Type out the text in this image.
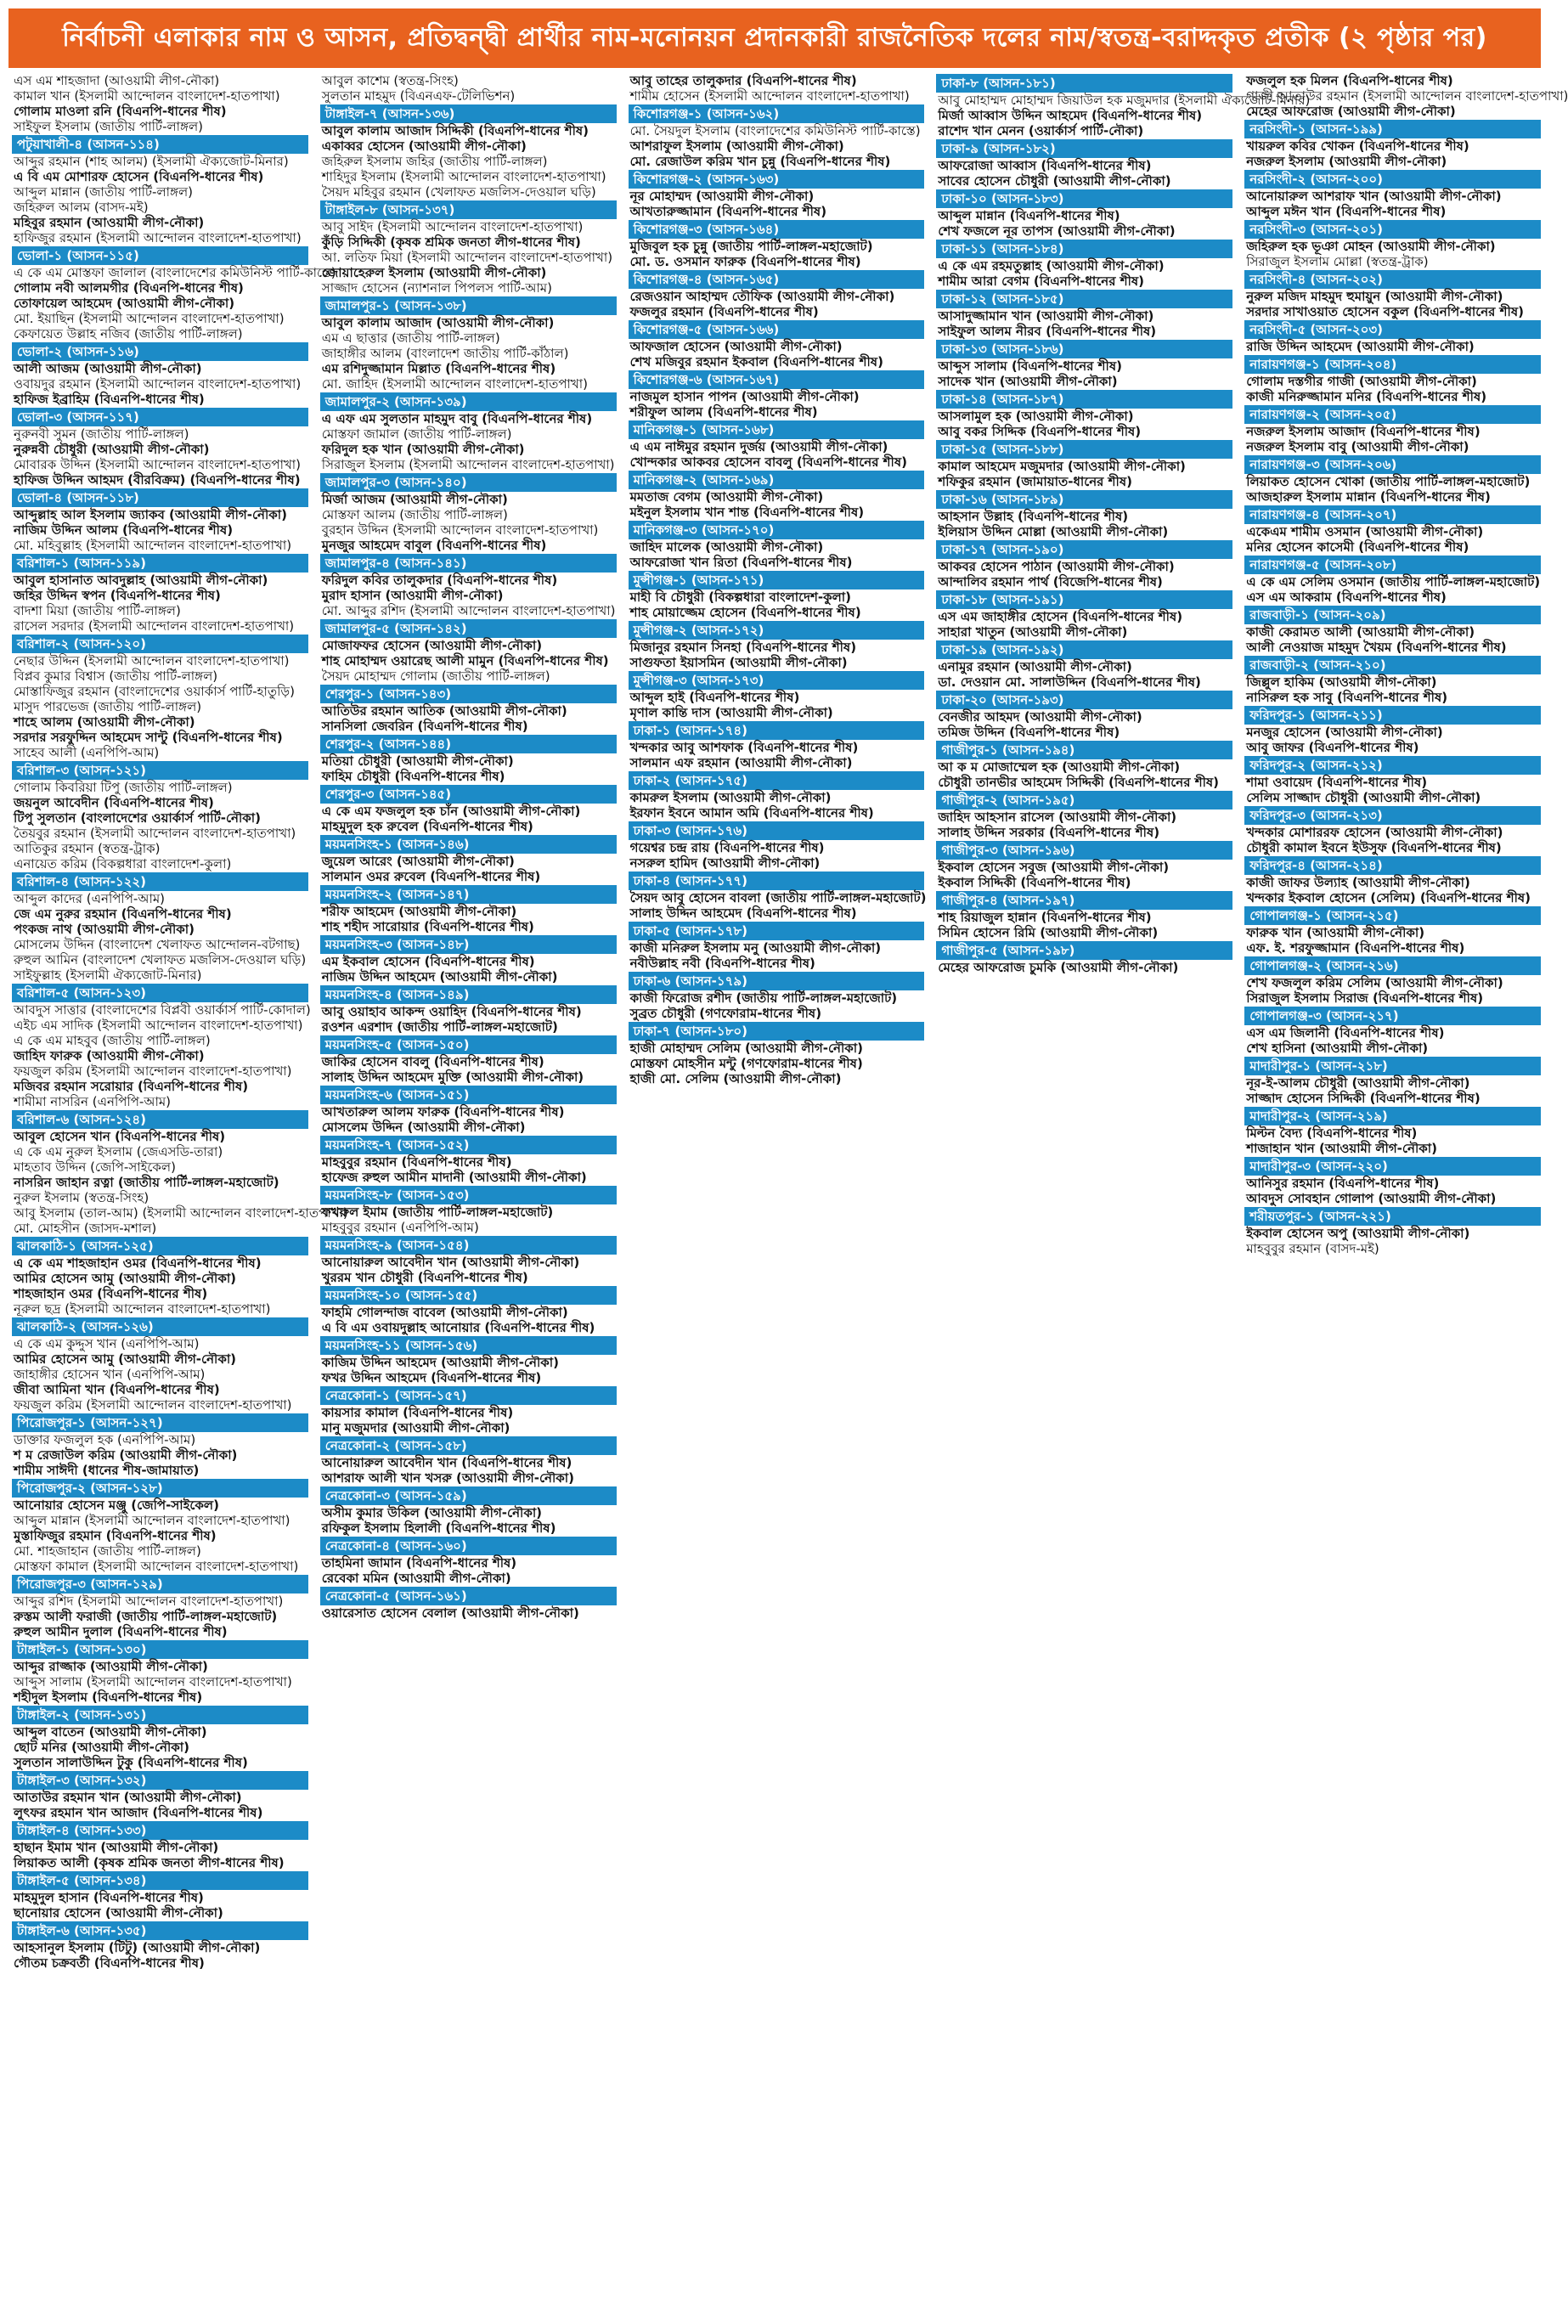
নির্বাচনী এলাকার নাম ও আসন, প্রতিদ্বন্দ্বী প্রার্থীর নাম-মনোনয়ন প্রদানকারী রাজনৈতিক দলের নাম/স্বতন্ত্র-বরাদ্দকৃত প্রতীক (২ পৃষ্ঠার পর)
এস এম শাহজাদা (আওয়ামী লীগ-নৌকা)
কামাল খান (ইসলামী আন্দোলন বাংলাদেশ-হাতপাখা)
গোলাম মাওলা রনি (বিএনপি-ধানের শীষ)
সাইফুল ইসলাম (জাতীয় পার্টি-লাঙ্গল)
পটুয়াখালী-৪ (আসন-১১৪)
আব্দুর রহমান (শাহ আলম) (ইসলামী ঐক্যজোট-মিনার)
এ বি এম মোশারফ হোসেন (বিএনপি-ধানের শীষ)
আব্দুল মান্নান (জাতীয় পার্টি-লাঙ্গল)
জহিরুল আলম (বাসদ-মই)
মহিবুর রহমান (আওয়ামী লীগ-নৌকা)
হাফিজুর রহমান (ইসলামী আন্দোলন বাংলাদেশ-হাতপাখা)
ভোলা-১ (আসন-১১৫)
এ কে এম মোস্তফা জালাল (বাংলাদেশের কমিউনিস্ট পার্টি-কাস্তে)
গোলাম নবী আলমগীর (বিএনপি-ধানের শীষ)
তোফায়েল আহমেদ (আওয়ামী লীগ-নৌকা)
মো. ইয়াছিন (ইসলামী আন্দোলন বাংলাদেশ-হাতপাখা)
কেফায়েত উল্লাহ নজিব (জাতীয় পার্টি-লাঙ্গল)
ভোলা-২ (আসন-১১৬)
আলী আজম (আওয়ামী লীগ-নৌকা)
ওবায়দুর রহমান (ইসলামী আন্দোলন বাংলাদেশ-হাতপাখা)
হাফিজ ইব্রাহিম (বিএনপি-ধানের শীষ)
ভোলা-৩ (আসন-১১৭)
নুরুনবী সুমন (জাতীয় পার্টি-লাঙ্গল)
নুরুন্নবী চৌধুরী (আওয়ামী লীগ-নৌকা)
মোবারক উদ্দিন (ইসলামী আন্দোলন বাংলাদেশ-হাতপাখা)
হাফিজ উদ্দিন আহমদ (বীরবিক্রম) (বিএনপি-ধানের শীষ)
ভোলা-৪ (আসন-১১৮)
আব্দুল্লাহ আল ইসলাম জ্যাকব (আওয়ামী লীগ-নৌকা)
নাজিম উদ্দিন আলম (বিএনপি-ধানের শীষ)
মো. মহিবুল্লাহ (ইসলামী আন্দোলন বাংলাদেশ-হাতপাখা)
বরিশাল-১ (আসন-১১৯)
আবুল হাসানাত আবদুল্লাহ (আওয়ামী লীগ-নৌকা)
জহির উদ্দিন স্বপন (বিএনপি-ধানের শীষ)
বাদশা মিয়া (জাতীয় পার্টি-লাঙ্গল)
রাসেল সরদার (ইসলামী আন্দোলন বাংলাদেশ-হাতপাখা)
বরিশাল-২ (আসন-১২০)
নেছার উদ্দিন (ইসলামী আন্দোলন বাংলাদেশ-হাতপাখা)
বিপ্লব কুমার বিশ্বাস (জাতীয় পার্টি-লাঙ্গল)
মোস্তাফিজুর রহমান (বাংলাদেশের ওয়ার্কার্স পার্টি-হাতুড়ি)
মাসুদ পারভেজ (জাতীয় পার্টি-লাঙ্গল)
শাহে আলম (আওয়ামী লীগ-নৌকা)
সরদার সরফুদ্দিন আহমেদ সান্টু (বিএনপি-ধানের শীষ)
সাহেব আলী (এনপিপি-আম)
বরিশাল-৩ (আসন-১২১)
গোলাম কিবরিয়া টিপু (জাতীয় পার্টি-লাঙ্গল)
জয়নুল আবেদীন (বিএনপি-ধানের শীষ)
টিপু সুলতান (বাংলাদেশের ওয়ার্কার্স পার্টি-নৌকা)
তৈয়বুর রহমান (ইসলামী আন্দোলন বাংলাদেশ-হাতপাখা)
আতিকুর রহমান (স্বতন্ত্র-ট্রাক)
এনায়েত করিম (বিকল্পধারা বাংলাদেশ-কুলা)
বরিশাল-৪ (আসন-১২২)
আব্দুল কাদের (এনপিপি-আম)
জে এম নুরুর রহমান (বিএনপি-ধানের শীষ)
পংকজ নাথ (আওয়ামী লীগ-নৌকা)
মোসলেম উদ্দিন (বাংলাদেশ খেলাফত আন্দোলন-বটগাছ)
রুহুল আমিন (বাংলাদেশ খেলাফত মজলিস-দেওয়াল ঘড়ি)
সাইফুল্লাহ (ইসলামী ঐক্যজোট-মিনার)
বরিশাল-৫ (আসন-১২৩)
আবদুস সাত্তার (বাংলাদেশের বিপ্লবী ওয়ার্কার্স পার্টি-কোদাল)
এইচ এম সাদিক (ইসলামী আন্দোলন বাংলাদেশ-হাতপাখা)
এ কে এম মাহবুব (জাতীয় পার্টি-লাঙ্গল)
জাহিদ ফারুক (আওয়ামী লীগ-নৌকা)
ফয়জুল করিম (ইসলামী আন্দোলন বাংলাদেশ-হাতপাখা)
মজিবর রহমান সরোয়ার (বিএনপি-ধানের শীষ)
শামীমা নাসরিন (এনপিপি-আম)
বরিশাল-৬ (আসন-১২৪)
আবুল হোসেন খান (বিএনপি-ধানের শীষ)
এ কে এম নুরুল ইসলাম (জেএসডি-তারা)
মাহতাব উদ্দিন (জেপি-সাইকেল)
নাসরিন জাহান রত্না (জাতীয় পার্টি-লাঙ্গল-মহাজোট)
নুরুল ইসলাম (স্বতন্ত্র-সিংহ)
আবু ইসলাম (তাল-আম) (ইসলামী আন্দোলন বাংলাদেশ-হাতপাখা)
মো. মোহসীন (জাসদ-মশাল)
ঝালকাঠি-১ (আসন-১২৫)
এ কে এম শাহজাহান ওমর (বিএনপি-ধানের শীষ)
আমির হোসেন আমু (আওয়ামী লীগ-নৌকা)
শাহজাহান ওমর (বিএনপি-ধানের শীষ)
নূরুল ছদ্র (ইসলামী আন্দোলন বাংলাদেশ-হাতপাখা)
ঝালকাঠি-২ (আসন-১২৬)
এ কে এম কুদ্দুস খান (এনপিপি-আম)
আমির হোসেন আমু (আওয়ামী লীগ-নৌকা)
জাহাঙ্গীর হোসেন খান (এনপিপি-আম)
জীবা আমিনা খান (বিএনপি-ধানের শীষ)
ফয়জুল করিম (ইসলামী আন্দোলন বাংলাদেশ-হাতপাখা)
পিরোজপুর-১ (আসন-১২৭)
ডাক্তার ফজলুল হক (এনপিপি-আম)
শ ম রেজাউল করিম (আওয়ামী লীগ-নৌকা)
শামীম সাঈদী (ধানের শীষ-জামায়াত)
পিরোজপুর-২ (আসন-১২৮)
আনোয়ার হোসেন মঞ্জু (জেপি-সাইকেল)
আব্দুল মান্নান (ইসলামী আন্দোলন বাংলাদেশ-হাতপাখা)
মুস্তাফিজুর রহমান (বিএনপি-ধানের শীষ)
মো. শাহজাহান (জাতীয় পার্টি-লাঙ্গল)
মোস্তফা কামাল (ইসলামী আন্দোলন বাংলাদেশ-হাতপাখা)
পিরোজপুর-৩ (আসন-১২৯)
আব্দুর রশিদ (ইসলামী আন্দোলন বাংলাদেশ-হাতপাখা)
রুস্তম আলী ফরাজী (জাতীয় পার্টি-লাঙ্গল-মহাজোট)
রুহুল আমীন দুলাল (বিএনপি-ধানের শীষ)
টাঙ্গাইল-১ (আসন-১৩০)
আব্দুর রাজ্জাক (আওয়ামী লীগ-নৌকা)
আব্দুস সালাম (ইসলামী আন্দোলন বাংলাদেশ-হাতপাখা)
শহীদুল ইসলাম (বিএনপি-ধানের শীষ)
টাঙ্গাইল-২ (আসন-১৩১)
আব্দুল বাতেন (আওয়ামী লীগ-নৌকা)
ছোট মনির (আওয়ামী লীগ-নৌকা)
সুলতান সালাউদ্দিন টুকু (বিএনপি-ধানের শীষ)
টাঙ্গাইল-৩ (আসন-১৩২)
আতাউর রহমান খান (আওয়ামী লীগ-নৌকা)
লুৎফর রহমান খান আজাদ (বিএনপি-ধানের শীষ)
টাঙ্গাইল-৪ (আসন-১৩৩)
হাছান ইমাম খান (আওয়ামী লীগ-নৌকা)
লিয়াকত আলী (কৃষক শ্রমিক জনতা লীগ-ধানের শীষ)
টাঙ্গাইল-৫ (আসন-১৩৪)
মাহমুদুল হাসান (বিএনপি-ধানের শীষ)
ছানোয়ার হোসেন (আওয়ামী লীগ-নৌকা)
টাঙ্গাইল-৬ (আসন-১৩৫)
আহসানুল ইসলাম (টিটু) (আওয়ামী লীগ-নৌকা)
গৌতম চক্রবর্তী (বিএনপি-ধানের শীষ)
আবুল কাশেম (স্বতন্ত্র-সিংহ)
সুলতান মাহমুদ (বিএনএফ-টেলিভিশন)
টাঙ্গাইল-৭ (আসন-১৩৬)
আবুল কালাম আজাদ সিদ্দিকী (বিএনপি-ধানের শীষ)
একাব্বর হোসেন (আওয়ামী লীগ-নৌকা)
জহিরুল ইসলাম জহির (জাতীয় পার্টি-লাঙ্গল)
শাহিদুর ইসলাম (ইসলামী আন্দোলন বাংলাদেশ-হাতপাখা)
সৈয়দ মহিবুর রহমান (খেলাফত মজলিস-দেওয়াল ঘড়ি)
টাঙ্গাইল-৮ (আসন-১৩৭)
আবু সাইদ (ইসলামী আন্দোলন বাংলাদেশ-হাতপাখা)
কুঁড়ি সিদ্দিকী (কৃষক শ্রমিক জনতা লীগ-ধানের শীষ)
আ. লতিফ মিয়া (ইসলামী আন্দোলন বাংলাদেশ-হাতপাখা)
জোয়াহেরুল ইসলাম (আওয়ামী লীগ-নৌকা)
সাজ্জাদ হোসেন (ন্যাশনাল পিপলস পার্টি-আম)
জামালপুর-১ (আসন-১৩৮)
আবুল কালাম আজাদ (আওয়ামী লীগ-নৌকা)
এম এ ছাত্তার (জাতীয় পার্টি-লাঙ্গল)
জাহাঙ্গীর আলম (বাংলাদেশ জাতীয় পার্টি-কাঁঠাল)
এম রশিদুজ্জামান মিল্লাত (বিএনপি-ধানের শীষ)
মো. জাহিদ (ইসলামী আন্দোলন বাংলাদেশ-হাতপাখা)
জামালপুর-২ (আসন-১৩৯)
এ এফ এম সুলতান মাহমুদ বাবু (বিএনপি-ধানের শীষ)
মোস্তফা জামাল (জাতীয় পার্টি-লাঙ্গল)
ফরিদুল হক খান (আওয়ামী লীগ-নৌকা)
সিরাজুল ইসলাম (ইসলামী আন্দোলন বাংলাদেশ-হাতপাখা)
জামালপুর-৩ (আসন-১৪০)
মির্জা আজম (আওয়ামী লীগ-নৌকা)
মোস্তফা আলম (জাতীয় পার্টি-লাঙ্গল)
বুরহান উদ্দিন (ইসলামী আন্দোলন বাংলাদেশ-হাতপাখা)
মুনজুর আহমেদ বাবুল (বিএনপি-ধানের শীষ)
জামালপুর-৪ (আসন-১৪১)
ফরিদুল কবির তালুকদার (বিএনপি-ধানের শীষ)
মুরাদ হাসান (আওয়ামী লীগ-নৌকা)
মো. আব্দুর রশিদ (ইসলামী আন্দোলন বাংলাদেশ-হাতপাখা)
জামালপুর-৫ (আসন-১৪২)
মোজাফফর হোসেন (আওয়ামী লীগ-নৌকা)
শাহ মোহাম্মদ ওয়ারেছ আলী মামুন (বিএনপি-ধানের শীষ)
সৈয়দ মোহাম্মদ গোলাম (জাতীয় পার্টি-লাঙ্গল)
শেরপুর-১ (আসন-১৪৩)
আতিউর রহমান আতিক (আওয়ামী লীগ-নৌকা)
সানসিলা জেবরিন (বিএনপি-ধানের শীষ)
শেরপুর-২ (আসন-১৪৪)
মতিয়া চৌধুরী (আওয়ামী লীগ-নৌকা)
ফাহিম চৌধুরী (বিএনপি-ধানের শীষ)
শেরপুর-৩ (আসন-১৪৫)
এ কে এম ফজলুল হক চাঁন (আওয়ামী লীগ-নৌকা)
মাহমুদুল হক রুবেল (বিএনপি-ধানের শীষ)
ময়মনসিংহ-১ (আসন-১৪৬)
জুয়েল আরেং (আওয়ামী লীগ-নৌকা)
সালমান ওমর রুবেল (বিএনপি-ধানের শীষ)
ময়মনসিংহ-২ (আসন-১৪৭)
শরীফ আহমেদ (আওয়ামী লীগ-নৌকা)
শাহ শহীদ সারোয়ার (বিএনপি-ধানের শীষ)
ময়মনসিংহ-৩ (আসন-১৪৮)
এম ইকবাল হোসেন (বিএনপি-ধানের শীষ)
নাজিম উদ্দিন আহমেদ (আওয়ামী লীগ-নৌকা)
ময়মনসিংহ-৪ (আসন-১৪৯)
আবু ওয়াহাব আকন্দ ওয়াহিদ (বিএনপি-ধানের শীষ)
রওশন এরশাদ (জাতীয় পার্টি-লাঙ্গল-মহাজোট)
ময়মনসিংহ-৫ (আসন-১৫০)
জাকির হোসেন বাবলু (বিএনপি-ধানের শীষ)
সালাহ উদ্দিন আহমেদ মুক্তি (আওয়ামী লীগ-নৌকা)
ময়মনসিংহ-৬ (আসন-১৫১)
আখতারুল আলম ফারুক (বিএনপি-ধানের শীষ)
মোসলেম উদ্দিন (আওয়ামী লীগ-নৌকা)
ময়মনসিংহ-৭ (আসন-১৫২)
মাহবুবুর রহমান (বিএনপি-ধানের শীষ)
হাফেজ রুহুল আমীন মাদানী (আওয়ামী লীগ-নৌকা)
ময়মনসিংহ-৮ (আসন-১৫৩)
ফখরুল ইমাম (জাতীয় পার্টি-লাঙ্গল-মহাজোট)
মাহবুবুর রহমান (এনপিপি-আম)
ময়মনসিংহ-৯ (আসন-১৫৪)
আনোয়ারুল আবেদীন খান (আওয়ামী লীগ-নৌকা)
খুররম খান চৌধুরী (বিএনপি-ধানের শীষ)
ময়মনসিংহ-১০ (আসন-১৫৫)
ফাহমি গোলন্দাজ বাবেল (আওয়ামী লীগ-নৌকা)
এ বি এম ওবায়দুল্লাহ আনোয়ার (বিএনপি-ধানের শীষ)
ময়মনসিংহ-১১ (আসন-১৫৬)
কাজিম উদ্দিন আহমেদ (আওয়ামী লীগ-নৌকা)
ফখর উদ্দিন আহমেদ (বিএনপি-ধানের শীষ)
নেত্রকোনা-১ (আসন-১৫৭)
কায়সার কামাল (বিএনপি-ধানের শীষ)
মানু মজুমদার (আওয়ামী লীগ-নৌকা)
নেত্রকোনা-২ (আসন-১৫৮)
আনোয়ারুল আবেদীন খান (বিএনপি-ধানের শীষ)
আশরাফ আলী খান খসরু (আওয়ামী লীগ-নৌকা)
নেত্রকোনা-৩ (আসন-১৫৯)
অসীম কুমার উকিল (আওয়ামী লীগ-নৌকা)
রফিকুল ইসলাম হিলালী (বিএনপি-ধানের শীষ)
নেত্রকোনা-৪ (আসন-১৬০)
তাহমিনা জামান (বিএনপি-ধানের শীষ)
রেবেকা মমিন (আওয়ামী লীগ-নৌকা)
নেত্রকোনা-৫ (আসন-১৬১)
ওয়ারেসাত হোসেন বেলাল (আওয়ামী লীগ-নৌকা)
আবু তাহের তালুকদার (বিএনপি-ধানের শীষ)
শামীম হোসেন (ইসলামী আন্দোলন বাংলাদেশ-হাতপাখা)
কিশোরগঞ্জ-১ (আসন-১৬২)
মো. সৈয়দুল ইসলাম (বাংলাদেশের কমিউনিস্ট পার্টি-কাস্তে)
আশরাফুল ইসলাম (আওয়ামী লীগ-নৌকা)
মো. রেজাউল করিম খান চুন্নু (বিএনপি-ধানের শীষ)
কিশোরগঞ্জ-২ (আসন-১৬৩)
নূর মোহাম্মদ (আওয়ামী লীগ-নৌকা)
আখতারুজ্জামান (বিএনপি-ধানের শীষ)
কিশোরগঞ্জ-৩ (আসন-১৬৪)
মুজিবুল হক চুন্নু (জাতীয় পার্টি-লাঙ্গল-মহাজোট)
মো. ড. ওসমান ফারুক (বিএনপি-ধানের শীষ)
কিশোরগঞ্জ-৪ (আসন-১৬৫)
রেজওয়ান আহাম্মদ তৌফিক (আওয়ামী লীগ-নৌকা)
ফজলুর রহমান (বিএনপি-ধানের শীষ)
কিশোরগঞ্জ-৫ (আসন-১৬৬)
আফজাল হোসেন (আওয়ামী লীগ-নৌকা)
শেখ মজিবুর রহমান ইকবাল (বিএনপি-ধানের শীষ)
কিশোরগঞ্জ-৬ (আসন-১৬৭)
নাজমুল হাসান পাপন (আওয়ামী লীগ-নৌকা)
শরীফুল আলম (বিএনপি-ধানের শীষ)
মানিকগঞ্জ-১ (আসন-১৬৮)
এ এম নাঈমুর রহমান দুর্জয় (আওয়ামী লীগ-নৌকা)
খোন্দকার আকবর হোসেন বাবলু (বিএনপি-ধানের শীষ)
মানিকগঞ্জ-২ (আসন-১৬৯)
মমতাজ বেগম (আওয়ামী লীগ-নৌকা)
মইনুল ইসলাম খান শান্ত (বিএনপি-ধানের শীষ)
মানিকগঞ্জ-৩ (আসন-১৭০)
জাহিদ মালেক (আওয়ামী লীগ-নৌকা)
আফরোজা খান রিতা (বিএনপি-ধানের শীষ)
মুন্সীগঞ্জ-১ (আসন-১৭১)
মাহী বি চৌধুরী (বিকল্পধারা বাংলাদেশ-কুলা)
শাহ মোয়াজ্জেম হোসেন (বিএনপি-ধানের শীষ)
মুন্সীগঞ্জ-২ (আসন-১৭২)
মিজানুর রহমান সিনহা (বিএনপি-ধানের শীষ)
সাগুফতা ইয়াসমিন (আওয়ামী লীগ-নৌকা)
মুন্সীগঞ্জ-৩ (আসন-১৭৩)
আব্দুল হাই (বিএনপি-ধানের শীষ)
মৃণাল কান্তি দাস (আওয়ামী লীগ-নৌকা)
ঢাকা-১ (আসন-১৭৪)
খন্দকার আবু আশফাক (বিএনপি-ধানের শীষ)
সালমান এফ রহমান (আওয়ামী লীগ-নৌকা)
ঢাকা-২ (আসন-১৭৫)
কামরুল ইসলাম (আওয়ামী লীগ-নৌকা)
ইরফান ইবনে আমান অমি (বিএনপি-ধানের শীষ)
ঢাকা-৩ (আসন-১৭৬)
গয়েশ্বর চন্দ্র রায় (বিএনপি-ধানের শীষ)
নসরুল হামিদ (আওয়ামী লীগ-নৌকা)
ঢাকা-৪ (আসন-১৭৭)
সৈয়দ আবু হোসেন বাবলা (জাতীয় পার্টি-লাঙ্গল-মহাজোট)
সালাহ উদ্দিন আহমেদ (বিএনপি-ধানের শীষ)
ঢাকা-৫ (আসন-১৭৮)
কাজী মনিরুল ইসলাম মনু (আওয়ামী লীগ-নৌকা)
নবীউল্লাহ নবী (বিএনপি-ধানের শীষ)
ঢাকা-৬ (আসন-১৭৯)
কাজী ফিরোজ রশীদ (জাতীয় পার্টি-লাঙ্গল-মহাজোট)
সুব্রত চৌধুরী (গণফোরাম-ধানের শীষ)
ঢাকা-৭ (আসন-১৮০)
হাজী মোহাম্মদ সেলিম (আওয়ামী লীগ-নৌকা)
মোস্তফা মোহসীন মন্টু (গণফোরাম-ধানের শীষ)
হাজী মো. সেলিম (আওয়ামী লীগ-নৌকা)
ঢাকা-৮ (আসন-১৮১)
আবু মোহাম্মদ মোহাম্মদ জিয়াউল হক মজুমদার (ইসলামী ঐক্যজোট-মিনার)
মির্জা আব্বাস উদ্দিন আহমেদ (বিএনপি-ধানের শীষ)
রাশেদ খান মেনন (ওয়ার্কার্স পার্টি-নৌকা)
ঢাকা-৯ (আসন-১৮২)
আফরোজা আব্বাস (বিএনপি-ধানের শীষ)
সাবের হোসেন চৌধুরী (আওয়ামী লীগ-নৌকা)
ঢাকা-১০ (আসন-১৮৩)
আব্দুল মান্নান (বিএনপি-ধানের শীষ)
শেখ ফজলে নূর তাপস (আওয়ামী লীগ-নৌকা)
ঢাকা-১১ (আসন-১৮৪)
এ কে এম রহমতুল্লাহ (আওয়ামী লীগ-নৌকা)
শামীম আরা বেগম (বিএনপি-ধানের শীষ)
ঢাকা-১২ (আসন-১৮৫)
আসাদুজ্জামান খান (আওয়ামী লীগ-নৌকা)
সাইফুল আলম নীরব (বিএনপি-ধানের শীষ)
ঢাকা-১৩ (আসন-১৮৬)
আব্দুস সালাম (বিএনপি-ধানের শীষ)
সাদেক খান (আওয়ামী লীগ-নৌকা)
ঢাকা-১৪ (আসন-১৮৭)
আসলামুল হক (আওয়ামী লীগ-নৌকা)
আবু বকর সিদ্দিক (বিএনপি-ধানের শীষ)
ঢাকা-১৫ (আসন-১৮৮)
কামাল আহমেদ মজুমদার (আওয়ামী লীগ-নৌকা)
শফিকুর রহমান (জামায়াত-ধানের শীষ)
ঢাকা-১৬ (আসন-১৮৯)
আহসান উল্লাহ (বিএনপি-ধানের শীষ)
ইলিয়াস উদ্দিন মোল্লা (আওয়ামী লীগ-নৌকা)
ঢাকা-১৭ (আসন-১৯০)
আকবর হোসেন পাঠান (আওয়ামী লীগ-নৌকা)
আন্দালিব রহমান পার্থ (বিজেপি-ধানের শীষ)
ঢাকা-১৮ (আসন-১৯১)
এস এম জাহাঙ্গীর হোসেন (বিএনপি-ধানের শীষ)
সাহারা খাতুন (আওয়ামী লীগ-নৌকা)
ঢাকা-১৯ (আসন-১৯২)
এনামুর রহমান (আওয়ামী লীগ-নৌকা)
ডা. দেওয়ান মো. সালাউদ্দিন (বিএনপি-ধানের শীষ)
ঢাকা-২০ (আসন-১৯৩)
বেনজীর আহমদ (আওয়ামী লীগ-নৌকা)
তমিজ উদ্দিন (বিএনপি-ধানের শীষ)
গাজীপুর-১ (আসন-১৯৪)
আ ক ম মোজাম্মেল হক (আওয়ামী লীগ-নৌকা)
চৌধুরী তানভীর আহমেদ সিদ্দিকী (বিএনপি-ধানের শীষ)
গাজীপুর-২ (আসন-১৯৫)
জাহিদ আহসান রাসেল (আওয়ামী লীগ-নৌকা)
সালাহ উদ্দিন সরকার (বিএনপি-ধানের শীষ)
গাজীপুর-৩ (আসন-১৯৬)
ইকবাল হোসেন সবুজ (আওয়ামী লীগ-নৌকা)
ইকবাল সিদ্দিকী (বিএনপি-ধানের শীষ)
গাজীপুর-৪ (আসন-১৯৭)
শাহ রিয়াজুল হান্নান (বিএনপি-ধানের শীষ)
সিমিন হোসেন রিমি (আওয়ামী লীগ-নৌকা)
গাজীপুর-৫ (আসন-১৯৮)
মেহের আফরোজ চুমকি (আওয়ামী লীগ-নৌকা)
ফজলুল হক মিলন (বিএনপি-ধানের শীষ)
গাজী আতাউর রহমান (ইসলামী আন্দোলন বাংলাদেশ-হাতপাখা)
মেহের আফরোজ (আওয়ামী লীগ-নৌকা)
নরসিংদী-১ (আসন-১৯৯)
খায়রুল কবির খোকন (বিএনপি-ধানের শীষ)
নজরুল ইসলাম (আওয়ামী লীগ-নৌকা)
নরসিংদী-২ (আসন-২০০)
আনোয়ারুল আশরাফ খান (আওয়ামী লীগ-নৌকা)
আব্দুল মঈন খান (বিএনপি-ধানের শীষ)
নরসিংদী-৩ (আসন-২০১)
জহিরুল হক ভূঞা মোহন (আওয়ামী লীগ-নৌকা)
সিরাজুল ইসলাম মোল্লা (স্বতন্ত্র-ট্রাক)
নরসিংদী-৪ (আসন-২০২)
নুরুল মজিদ মাহমুদ হুমায়ুন (আওয়ামী লীগ-নৌকা)
সরদার সাখাওয়াত হোসেন বকুল (বিএনপি-ধানের শীষ)
নরসিংদী-৫ (আসন-২০৩)
রাজি উদ্দিন আহমেদ (আওয়ামী লীগ-নৌকা)
নারায়ণগঞ্জ-১ (আসন-২০৪)
গোলাম দস্তগীর গাজী (আওয়ামী লীগ-নৌকা)
কাজী মনিরুজ্জামান মনির (বিএনপি-ধানের শীষ)
নারায়ণগঞ্জ-২ (আসন-২০৫)
নজরুল ইসলাম আজাদ (বিএনপি-ধানের শীষ)
নজরুল ইসলাম বাবু (আওয়ামী লীগ-নৌকা)
নারায়ণগঞ্জ-৩ (আসন-২০৬)
লিয়াকত হোসেন খোকা (জাতীয় পার্টি-লাঙ্গল-মহাজোট)
আজহারুল ইসলাম মান্নান (বিএনপি-ধানের শীষ)
নারায়ণগঞ্জ-৪ (আসন-২০৭)
একেএম শামীম ওসমান (আওয়ামী লীগ-নৌকা)
মনির হোসেন কাসেমী (বিএনপি-ধানের শীষ)
নারায়ণগঞ্জ-৫ (আসন-২০৮)
এ কে এম সেলিম ওসমান (জাতীয় পার্টি-লাঙ্গল-মহাজোট)
এস এম আকরাম (বিএনপি-ধানের শীষ)
রাজবাড়ী-১ (আসন-২০৯)
কাজী কেরামত আলী (আওয়ামী লীগ-নৌকা)
আলী নেওয়াজ মাহমুদ খৈয়ম (বিএনপি-ধানের শীষ)
রাজবাড়ী-২ (আসন-২১০)
জিল্লুল হাকিম (আওয়ামী লীগ-নৌকা)
নাসিরুল হক সাবু (বিএনপি-ধানের শীষ)
ফরিদপুর-১ (আসন-২১১)
মনজুর হোসেন (আওয়ামী লীগ-নৌকা)
আবু জাফর (বিএনপি-ধানের শীষ)
ফরিদপুর-২ (আসন-২১২)
শামা ওবায়েদ (বিএনপি-ধানের শীষ)
সেলিম সাজ্জাদ চৌধুরী (আওয়ামী লীগ-নৌকা)
ফরিদপুর-৩ (আসন-২১৩)
খন্দকার মোশাররফ হোসেন (আওয়ামী লীগ-নৌকা)
চৌধুরী কামাল ইবনে ইউসুফ (বিএনপি-ধানের শীষ)
ফরিদপুর-৪ (আসন-২১৪)
কাজী জাফর উল্যাহ (আওয়ামী লীগ-নৌকা)
খন্দকার ইকবাল হোসেন (সেলিম) (বিএনপি-ধানের শীষ)
গোপালগঞ্জ-১ (আসন-২১৫)
ফারুক খান (আওয়ামী লীগ-নৌকা)
এফ. ই. শরফুজ্জামান (বিএনপি-ধানের শীষ)
গোপালগঞ্জ-২ (আসন-২১৬)
শেখ ফজলুল করিম সেলিম (আওয়ামী লীগ-নৌকা)
সিরাজুল ইসলাম সিরাজ (বিএনপি-ধানের শীষ)
গোপালগঞ্জ-৩ (আসন-২১৭)
এস এম জিলানী (বিএনপি-ধানের শীষ)
শেখ হাসিনা (আওয়ামী লীগ-নৌকা)
মাদারীপুর-১ (আসন-২১৮)
নূর-ই-আলম চৌধুরী (আওয়ামী লীগ-নৌকা)
সাজ্জাদ হোসেন সিদ্দিকী (বিএনপি-ধানের শীষ)
মাদারীপুর-২ (আসন-২১৯)
মিল্টন বৈদ্য (বিএনপি-ধানের শীষ)
শাজাহান খান (আওয়ামী লীগ-নৌকা)
মাদারীপুর-৩ (আসন-২২০)
আনিসুর রহমান (বিএনপি-ধানের শীষ)
আবদুস সোবহান গোলাপ (আওয়ামী লীগ-নৌকা)
শরীয়তপুর-১ (আসন-২২১)
ইকবাল হোসেন অপু (আওয়ামী লীগ-নৌকা)
মাহবুবুর রহমান (বাসদ-মই)
